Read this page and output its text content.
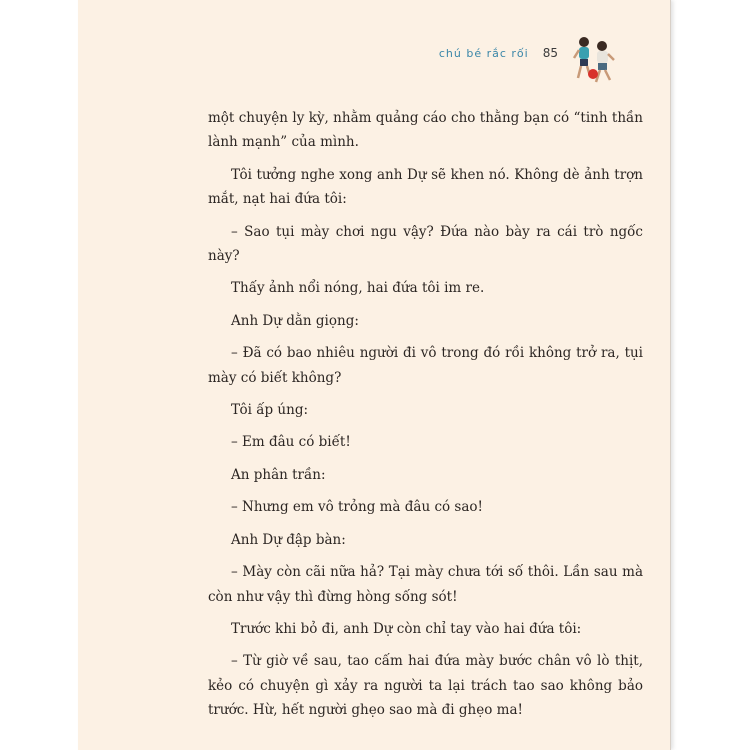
chú bé rắc rối 85

một chuyện ly kỳ, nhằm quảng cáo cho thằng bạn có “tinh thần lành mạnh” của mình.

Tôi tưởng nghe xong anh Dự sẽ khen nó. Không dè ảnh trợn mắt, nạt hai đứa tôi:

– Sao tụi mày chơi ngu vậy? Đứa nào bày ra cái trò ngốc này?

Thấy ảnh nổi nóng, hai đứa tôi im re.

Anh Dự dằn giọng:

– Đã có bao nhiêu người đi vô trong đó rồi không trở ra, tụi mày có biết không?

Tôi ấp úng:

– Em đâu có biết!

An phân trần:

– Nhưng em vô trỏng mà đâu có sao!

Anh Dự đập bàn:

– Mày còn cãi nữa hả? Tại mày chưa tới số thôi. Lần sau mà còn như vậy thì đừng hòng sống sót!

Trước khi bỏ đi, anh Dự còn chỉ tay vào hai đứa tôi:

– Từ giờ về sau, tao cấm hai đứa mày bước chân vô lò thịt, kẻo có chuyện gì xảy ra người ta lại trách tao sao không bảo trước. Hừ, hết người ghẹo sao mà đi ghẹo ma!
